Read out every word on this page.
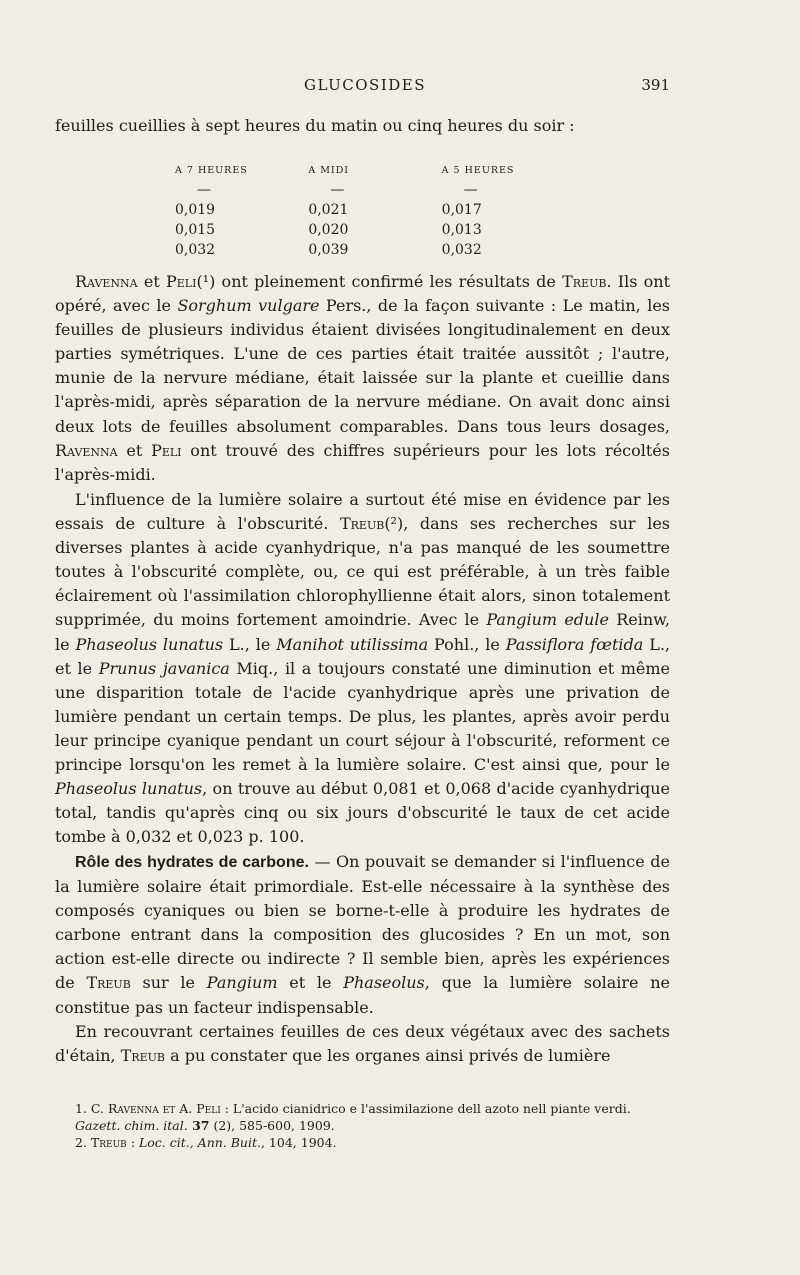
GLUCOSIDES	391
feuilles cueillies à sept heures du matin ou cinq heures du soir :
A 7 HEURES	A MIDI	A 5 HEURES
—	—	—
0,019	0,021	0,017
0,015	0,020	0,013
0,032	0,039	0,032
Ravenna et Peli(¹) ont pleinement confirmé les résultats de Treub. Ils ont opéré, avec le Sorghum vulgare Pers., de la façon suivante : Le matin, les feuilles de plusieurs individus étaient divisées longitudinalement en deux parties symétriques. L'une de ces parties était traitée aussitôt ; l'autre, munie de la nervure médiane, était laissée sur la plante et cueillie dans l'après-midi, après séparation de la nervure médiane. On avait donc ainsi deux lots de feuilles absolument comparables. Dans tous leurs dosages, Ravenna et Peli ont trouvé des chiffres supérieurs pour les lots récoltés l'après-midi.
L'influence de la lumière solaire a surtout été mise en évidence par les essais de culture à l'obscurité. Treub(²), dans ses recherches sur les diverses plantes à acide cyanhydrique, n'a pas manqué de les soumettre toutes à l'obscurité complète, ou, ce qui est préférable, à un très faible éclairement où l'assimilation chlorophyllienne était alors, sinon totalement supprimée, du moins fortement amoindrie. Avec le Pangium edule Reinw, le Phaseolus lunatus L., le Manihot utilissima Pohl., le Passiflora fœtida L., et le Prunus javanica Miq., il a toujours constaté une diminution et même une disparition totale de l'acide cyanhydrique après une privation de lumière pendant un certain temps. De plus, les plantes, après avoir perdu leur principe cyanique pendant un court séjour à l'obscurité, reforment ce principe lorsqu'on les remet à la lumière solaire. C'est ainsi que, pour le Phaseolus lunatus, on trouve au début 0,081 et 0,068 d'acide cyanhydrique total, tandis qu'après cinq ou six jours d'obscurité le taux de cet acide tombe à 0,032 et 0,023 p. 100.
Rôle des hydrates de carbone. — On pouvait se demander si l'influence de la lumière solaire était primordiale. Est-elle nécessaire à la synthèse des composés cyaniques ou bien se borne-t-elle à produire les hydrates de carbone entrant dans la composition des glucosides ? En un mot, son action est-elle directe ou indirecte ? Il semble bien, après les expériences de Treub sur le Pangium et le Phaseolus, que la lumière solaire ne constitue pas un facteur indispensable.
En recouvrant certaines feuilles de ces deux végétaux avec des sachets d'étain, Treub a pu constater que les organes ainsi privés de lumière
1. C. Ravenna et A. Peli : L'acido cianidrico e l'assimilazione dell azoto nell piante verdi. Gazett. chim. ital. 37 (2), 585-600, 1909.
2. Treub : Loc. cit., Ann. Buit., 104, 1904.
